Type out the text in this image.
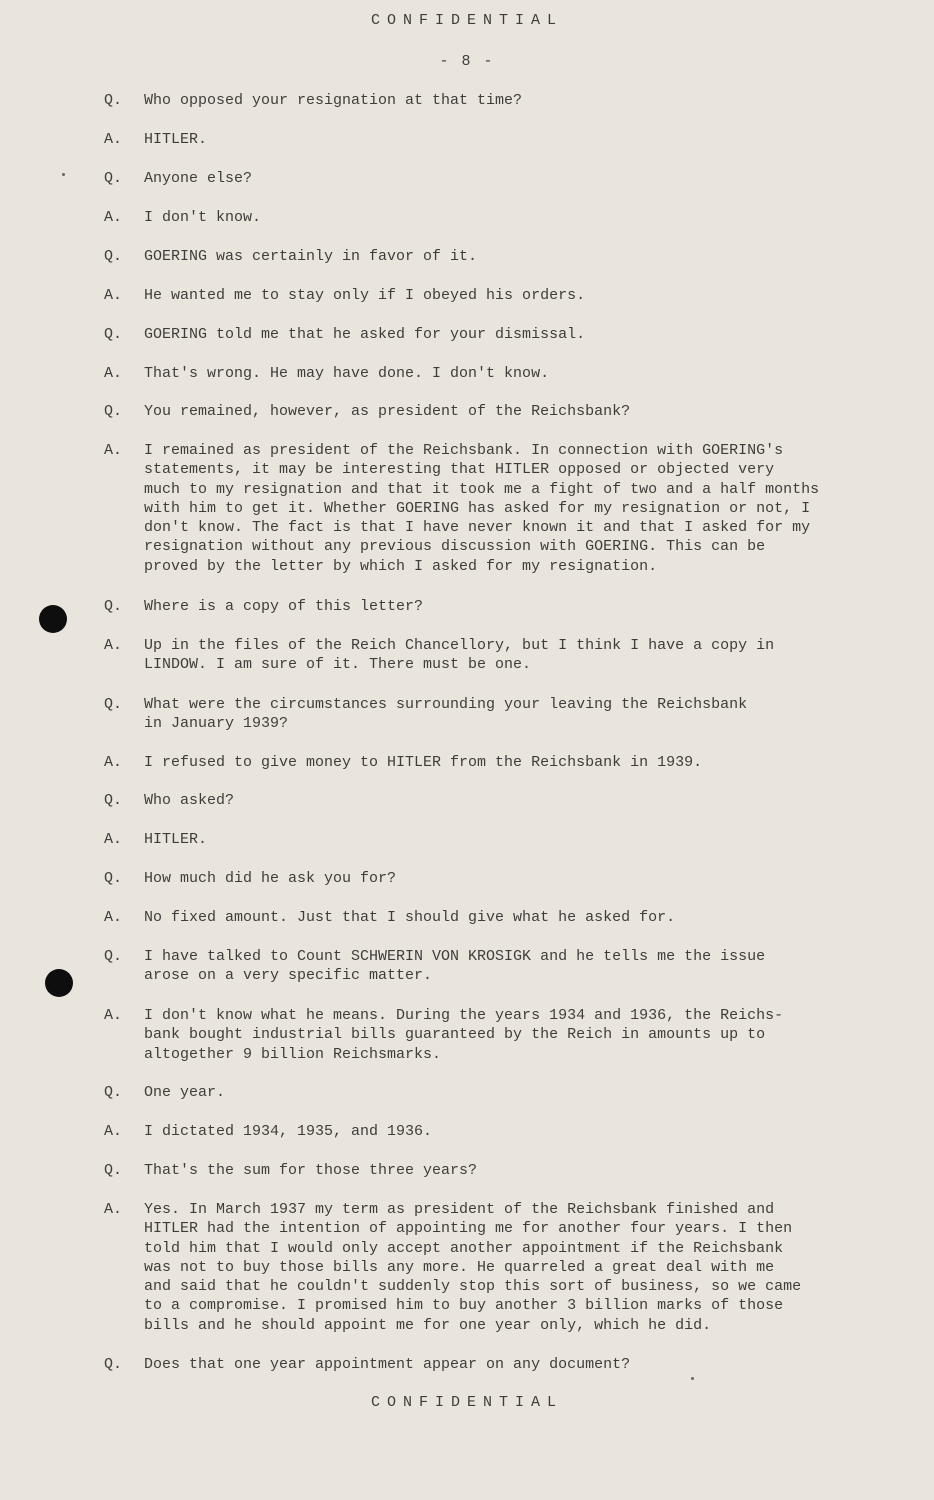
CONFIDENTIAL
- 8 -
Q.	Who opposed your resignation at that time?
A.	HITLER.
Q.	Anyone else?
A.	I don't know.
Q.	GOERING was certainly in favor of it.
A.	He wanted me to stay only if I obeyed his orders.
Q.	GOERING told me that he asked for your dismissal.
A.	That's wrong. He may have done. I don't know.
Q.	You remained, however, as president of the Reichsbank?
A.	I remained as president of the Reichsbank. In connection with GOERING's
statements, it may be interesting that HITLER opposed or objected very
much to my resignation and that it took me a fight of two and a half months
with him to get it. Whether GOERING has asked for my resignation or not, I
don't know. The fact is that I have never known it and that I asked for my
resignation without any previous discussion with GOERING. This can be
proved by the letter by which I asked for my resignation.
Q.	Where is a copy of this letter?
A.	Up in the files of the Reich Chancellory, but I think I have a copy in
LINDOW. I am sure of it. There must be one.
Q.	What were the circumstances surrounding your leaving the Reichsbank
in January 1939?
A.	I refused to give money to HITLER from the Reichsbank in 1939.
Q.	Who asked?
A.	HITLER.
Q.	How much did he ask you for?
A.	No fixed amount. Just that I should give what he asked for.
Q.	I have talked to Count SCHWERIN VON KROSIGK and he tells me the issue
arose on a very specific matter.
A.	I don't know what he means. During the years 1934 and 1936, the Reichs-
bank bought industrial bills guaranteed by the Reich in amounts up to
altogether 9 billion Reichsmarks.
Q.	One year.
A.	I dictated 1934, 1935, and 1936.
Q.	That's the sum for those three years?
A.	Yes. In March 1937 my term as president of the Reichsbank finished and
HITLER had the intention of appointing me for another four years. I then
told him that I would only accept another appointment if the Reichsbank
was not to buy those bills any more. He quarreled a great deal with me
and said that he couldn't suddenly stop this sort of business, so we came
to a compromise. I promised him to buy another 3 billion marks of those
bills and he should appoint me for one year only, which he did.
Q.	Does that one year appointment appear on any document?
CONFIDENTIAL
